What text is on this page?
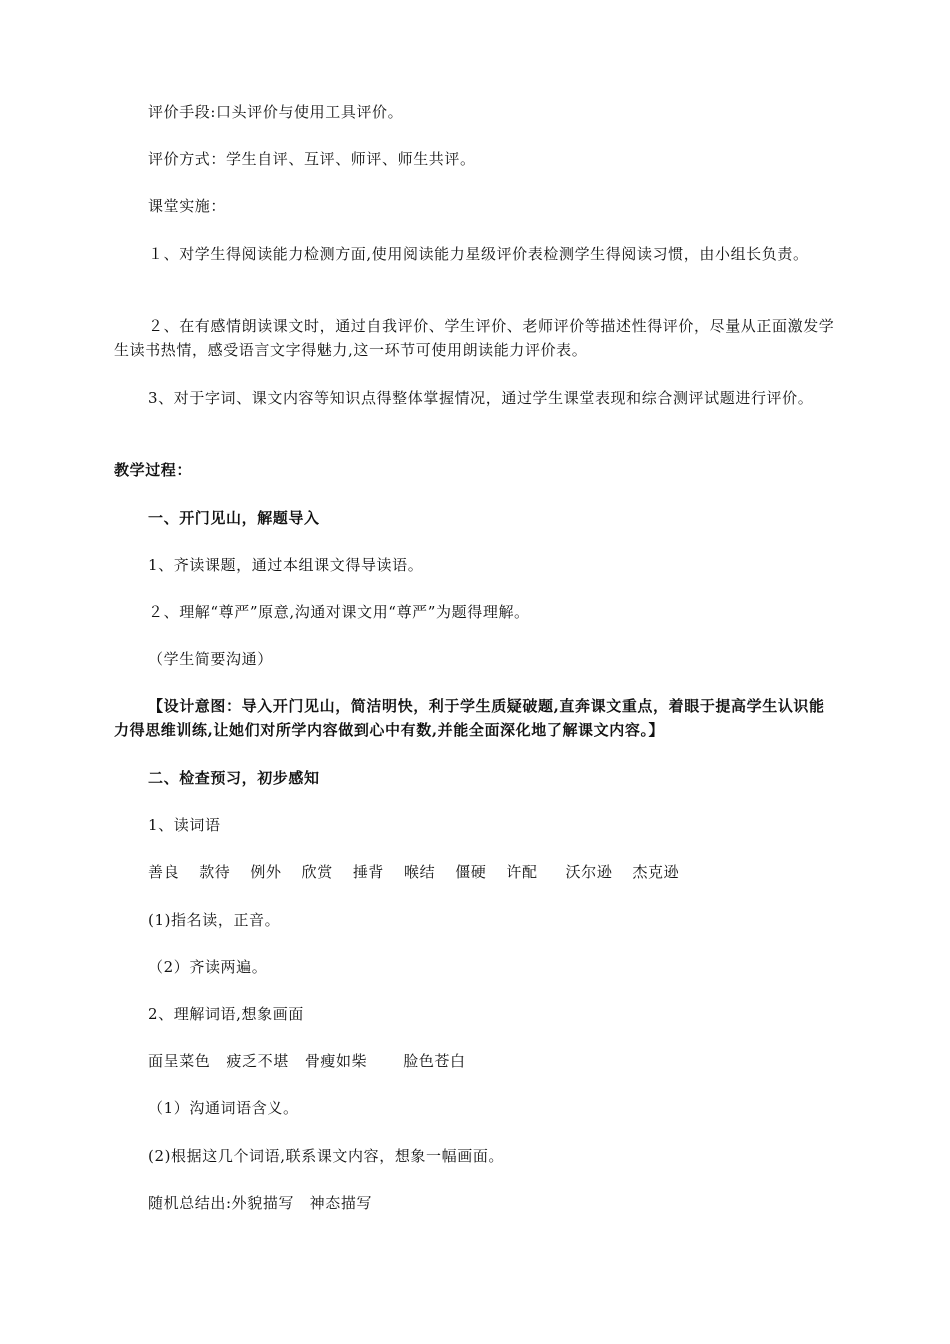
评价手段:口头评价与使用工具评价。
评价方式：学生自评、互评、师评、师生共评。
课堂实施：
１、对学生得阅读能力检测方面,使用阅读能力星级评价表检测学生得阅读习惯，由小组长负责。
２、在有感情朗读课文时，通过自我评价、学生评价、老师评价等描述性得评价，尽量从正面激发学生读书热情，感受语言文字得魅力,这一环节可使用朗读能力评价表。
3、对于字词、课文内容等知识点得整体掌握情况，通过学生课堂表现和综合测评试题进行评价。
教学过程：
一、开门见山，解题导入
1、齐读课题，通过本组课文得导读语。
２、理解“尊严”原意,沟通对课文用“尊严”为题得理解。
（学生简要沟通）
【设计意图：导入开门见山，简洁明快，利于学生质疑破题,直奔课文重点，着眼于提高学生认识能力得思维训练,让她们对所学内容做到心中有数,并能全面深化地了解课文内容。】
二、检查预习，初步感知
1、读词语
善良 款待 例外 欣赏 捶背 喉结 僵硬 许配 沃尔逊 杰克逊
(1)指名读，正音。
（2）齐读两遍。
2、理解词语,想象画面
面呈菜色 疲乏不堪 骨瘦如柴 脸色苍白
（1）沟通词语含义。
(2)根据这几个词语,联系课文内容，想象一幅画面。
随机总结出:外貌描写　神态描写
